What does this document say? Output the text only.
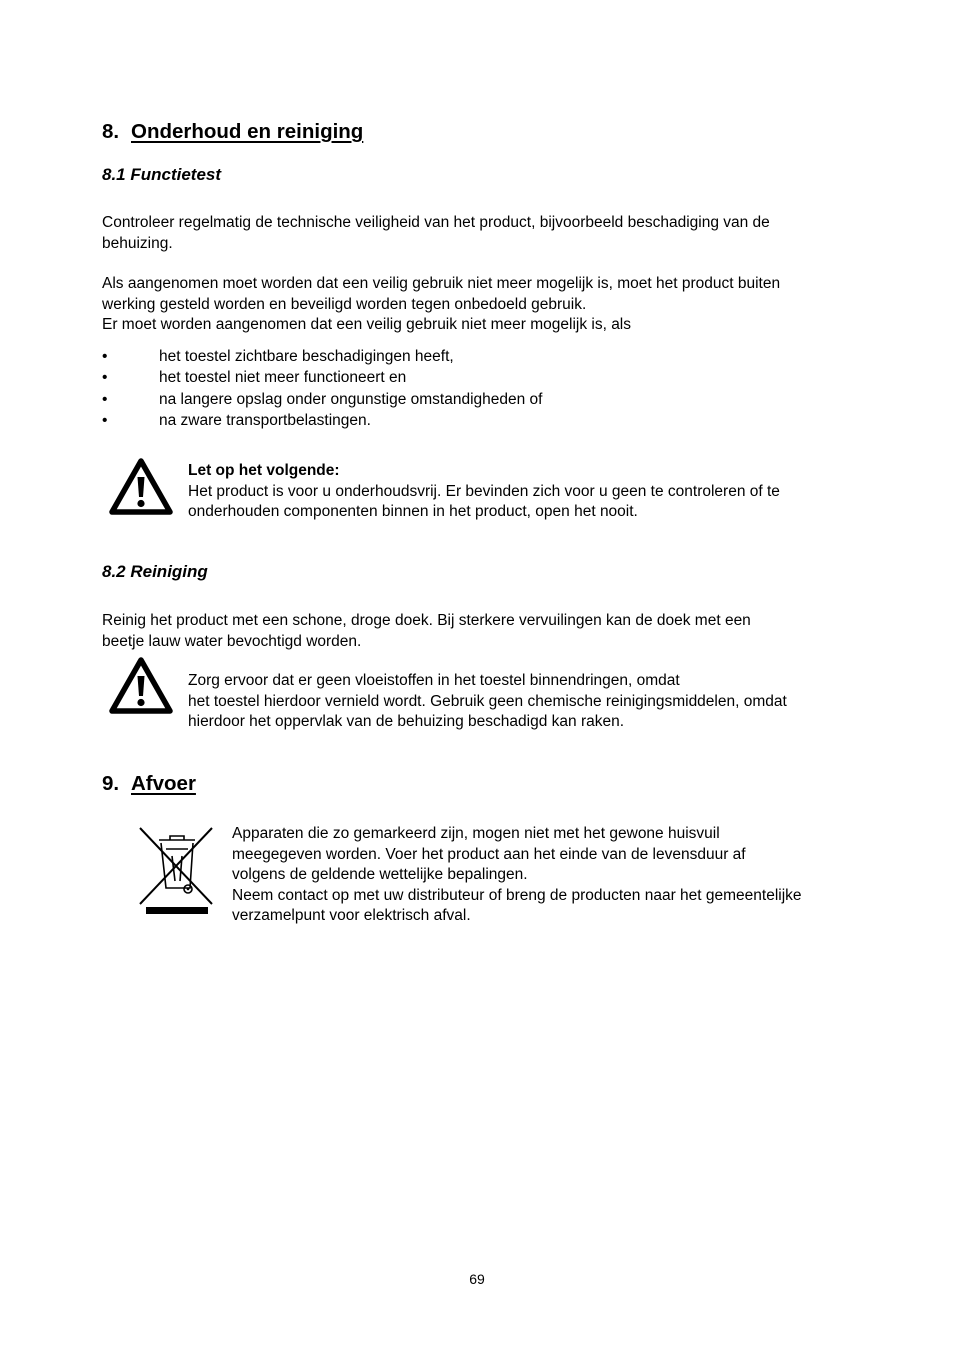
8. Onderhoud en reiniging
8.1 Functietest
Controleer regelmatig de technische veiligheid van het product, bijvoorbeeld beschadiging van de
behuizing.
Als aangenomen moet worden dat een veilig gebruik niet meer mogelijk is, moet het product buiten
werking gesteld worden en beveiligd worden tegen onbedoeld gebruik.
Er moet worden aangenomen dat een veilig gebruik niet meer mogelijk is, als
•	het toestel zichtbare beschadigingen heeft,
•	het toestel niet meer functioneert en
•	na langere opslag onder ongunstige omstandigheden of
•	na zware transportbelastingen.
Let op het volgende:
Het product is voor u onderhoudsvrij. Er bevinden zich voor u geen te controleren of te
onderhouden componenten binnen in het product, open het nooit.
8.2 Reiniging
Reinig het product met een schone, droge doek. Bij sterkere vervuilingen kan de doek met een
beetje lauw water bevochtigd worden.
Zorg ervoor dat er geen vloeistoffen in het toestel binnendringen, omdat
het toestel hierdoor vernield wordt. Gebruik geen chemische reinigingsmiddelen, omdat
hierdoor het oppervlak van de behuizing beschadigd kan raken.
9. Afvoer
Apparaten die zo gemarkeerd zijn, mogen niet met het gewone huisvuil
meegegeven worden. Voer het product aan het einde van de levensduur af
volgens de geldende wettelijke bepalingen.
Neem contact op met uw distributeur of breng de producten naar het gemeentelijke
verzamelpunt voor elektrisch afval.
69
